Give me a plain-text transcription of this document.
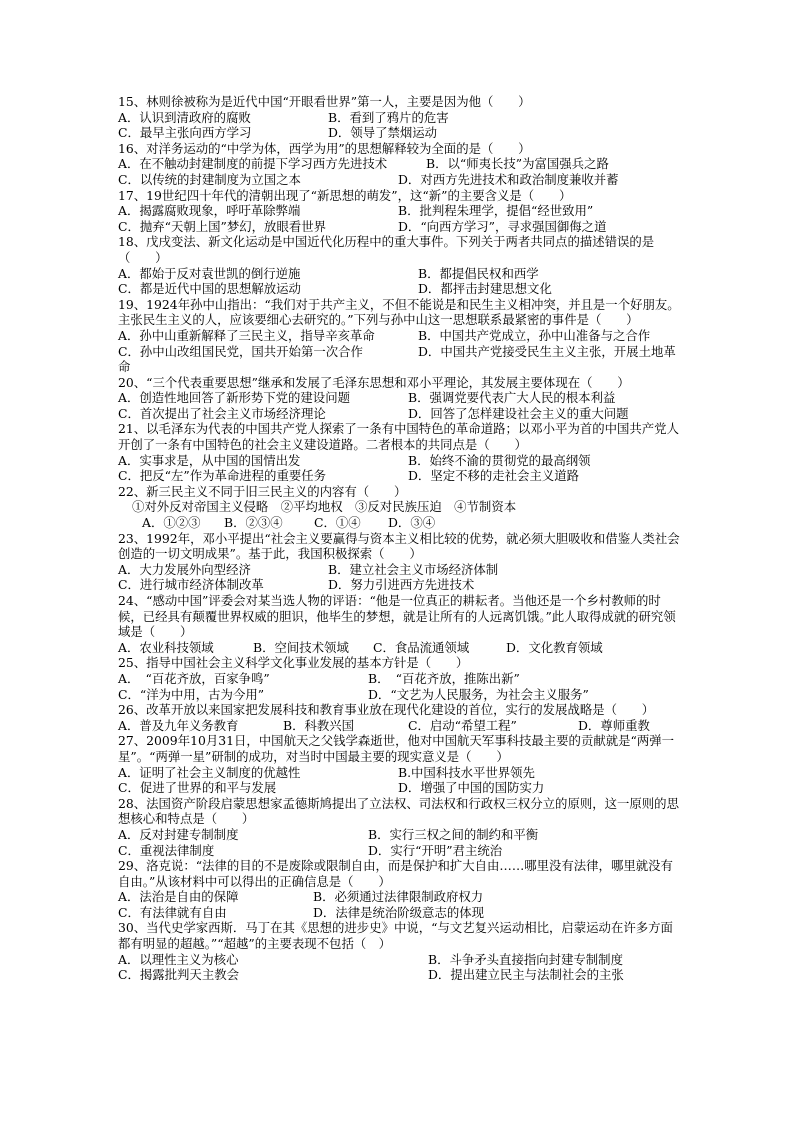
15、林则徐被称为是近代中国“开眼看世界”第一人，主要是因为他（　　）
A．认识到清政府的腐败	B．看到了鸦片的危害
C．最早主张向西方学习	D．领导了禁烟运动
16、对洋务运动的“中学为体，西学为用”的思想解释较为全面的是（　　）
A．在不触动封建制度的前提下学习西方先进技术	B．以“师夷长技”为富国强兵之路
C．以传统的封建制度为立国之本	D．对西方先进技术和政治制度兼收并蓄
17、19世纪四十年代的清朝出现了“新思想的萌发”，这“新”的主要含义是（　　）
A．揭露腐败现象，呼吁革除弊端	B．批判程朱理学，提倡“经世致用”
C．抛弃“天朝上国”梦幻，放眼看世界	D．“向西方学习”，寻求强国御侮之道
18、戊戌变法、新文化运动是中国近代化历程中的重大事件。下列关于两者共同点的描述错误的是（　　）
A．都始于反对袁世凯的倒行逆施	B．都提倡民权和西学
C．都是近代中国的思想解放运动	D．都抨击封建思想文化
19、1924年孙中山指出：“我们对于共产主义，不但不能说是和民生主义相冲突，并且是一个好朋友。主张民生主义的人，应该要细心去研究的。”下列与孙中山这一思想联系最紧密的事件是（　　）
A．孙中山重新解释了三民主义，指导辛亥革命	B．中国共产党成立，孙中山准备与之合作
C．孙中山改组国民党，国共开始第一次合作	D．中国共产党接受民生主义主张，开展土地革命
20、“三个代表重要思想”继承和发展了毛泽东思想和邓小平理论，其发展主要体现在（　　）
A．创造性地回答了新形势下党的建设问题	B．强调党要代表广大人民的根本利益
C．首次提出了社会主义市场经济理论	D．回答了怎样建设社会主义的重大问题
21、以毛泽东为代表的中国共产党人探索了一条有中国特色的革命道路；以邓小平为首的中国共产党人开创了一条有中国特色的社会主义建设道路。二者根本的共同点是（　　）
A．实事求是，从中国的国情出发	B．始终不渝的贯彻党的最高纲领
C．把反“左”作为革命进程的重要任务	D．坚定不移的走社会主义道路
22、新三民主义不同于旧三民主义的内容有（　　）
①对外反对帝国主义侵略　②平均地权　③反对民族压迫　④节制资本
A．①②③	B．②③④	C．①④	D．③④
23、1992年，邓小平提出“社会主义要赢得与资本主义相比较的优势，就必须大胆吸收和借鉴人类社会创造的一切文明成果”。基于此，我国积极探索（　　）
A．大力发展外向型经济	B．建立社会主义市场经济体制
C．进行城市经济体制改革	D．努力引进西方先进技术
24、“感动中国”评委会对某当选人物的评语：“他是一位真正的耕耘者。当他还是一个乡村教师的时候，已经具有颠覆世界权威的胆识，他毕生的梦想，就是让所有的人远离饥饿。”此人取得成就的研究领域是（　　）
A．农业科技领域	B．空间技术领域	C．食品流通领域	D．文化教育领域
25、指导中国社会主义科学文化事业发展的基本方针是（　　）
A．　“百花齐放，百家争鸣”	B．　“百花齐放，推陈出新”
C．“洋为中用，古为今用”	D．“文艺为人民服务，为社会主义服务”
26、改革开放以来国家把发展科技和教育事业放在现代化建设的首位，实行的发展战略是（　　）
A．普及九年义务教育	B．科教兴国	C．启动“希望工程”	D．尊师重教
27、2009年10月31日，中国航天之父钱学森逝世，他对中国航天军事科技最主要的贡献就是“两弹一星”。“两弹一星”研制的成功，对当时中国最主要的现实意义是（　　）
A．证明了社会主义制度的优越性	B.中国科技水平世界领先
C．促进了世界的和平与发展	D．增强了中国的国防实力
28、法国资产阶段启蒙思想家孟德斯鸠提出了立法权、司法权和行政权三权分立的原则，这一原则的思想核心和特点是（　　）
A．反对封建专制制度	B．实行三权之间的制约和平衡
C．重视法律制度	D．实行“开明”君主统治
29、洛克说：“法律的目的不是废除或限制自由，而是保护和扩大自由……哪里没有法律，哪里就没有自由。”从该材料中可以得出的正确信息是（　　）
A．法治是自由的保障	B．必须通过法律限制政府权力
C．有法律就有自由	D．法律是统治阶级意志的体现
30、当代史学家西斯．马丁在其《思想的进步史》中说，“与文艺复兴运动相比，启蒙运动在许多方面都有明显的超越。”“超越”的主要表现不包括（　）
A．以理性主义为核心	B．斗争矛头直接指向封建专制制度
C．揭露批判天主教会	D．提出建立民主与法制社会的主张
